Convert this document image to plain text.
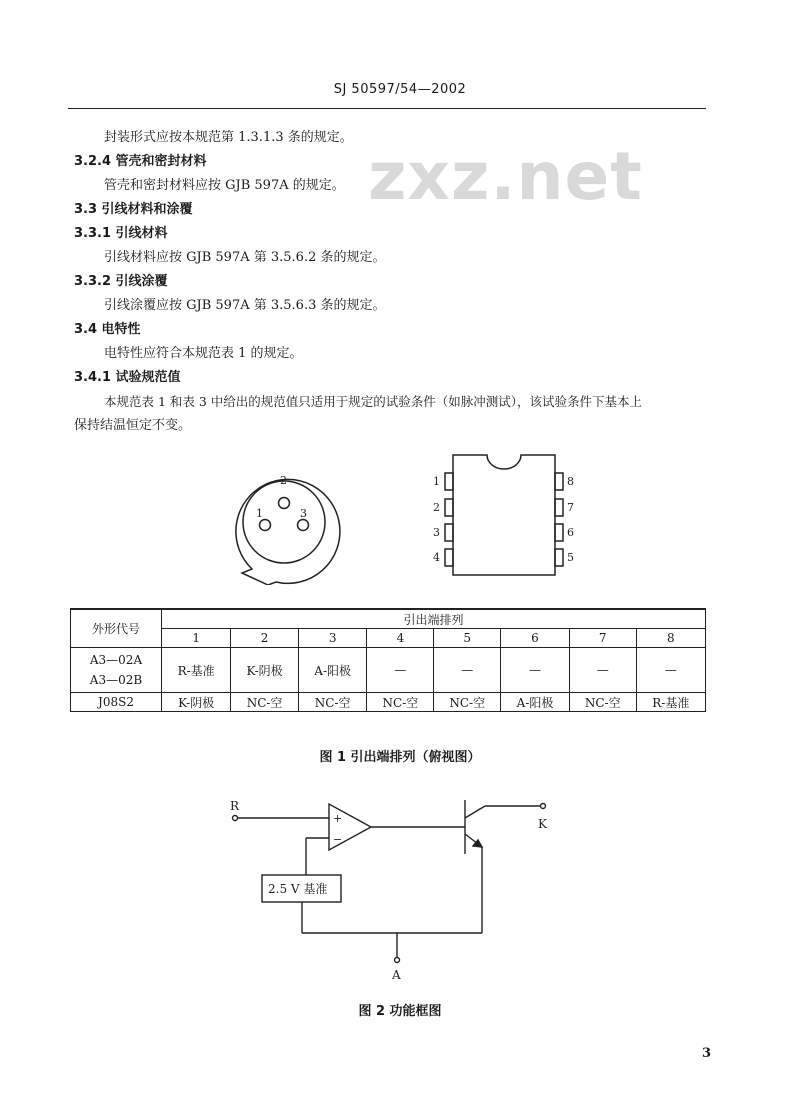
SJ 50597/54—2002
zxz.net
封装形式应按本规范第 1.3.1.3 条的规定。
3.2.4 管壳和密封材料
管壳和密封材料应按 GJB 597A 的规定。
3.3 引线材料和涂覆
3.3.1 引线材料
引线材料应按 GJB 597A 第 3.5.6.2 条的规定。
3.3.2 引线涂覆
引线涂覆应按 GJB 597A 第 3.5.6.3 条的规定。
3.4 电特性
电特性应符合本规范表 1 的规定。
3.4.1 试验规范值
本规范表 1 和表 3 中给出的规范值只适用于规定的试验条件（如脉冲测试），该试验条件下基本上
保持结温恒定不变。
1
2
3
1
2
3
4
8
7
6
5
外形代号	引出端排列							
	1	2	3	4	5	6	7	8

A3—02A
A3—02B	R-基准	K-阴极	A-阳极	—	—	—	—	—
J08S2	K-阴极	NC-空	NC-空	NC-空	NC-空	A-阳极	NC-空	R-基准
图 1 引出端排列（俯视图）
R
K
A
+
−
2.5 V 基准
图 2 功能框图
3
